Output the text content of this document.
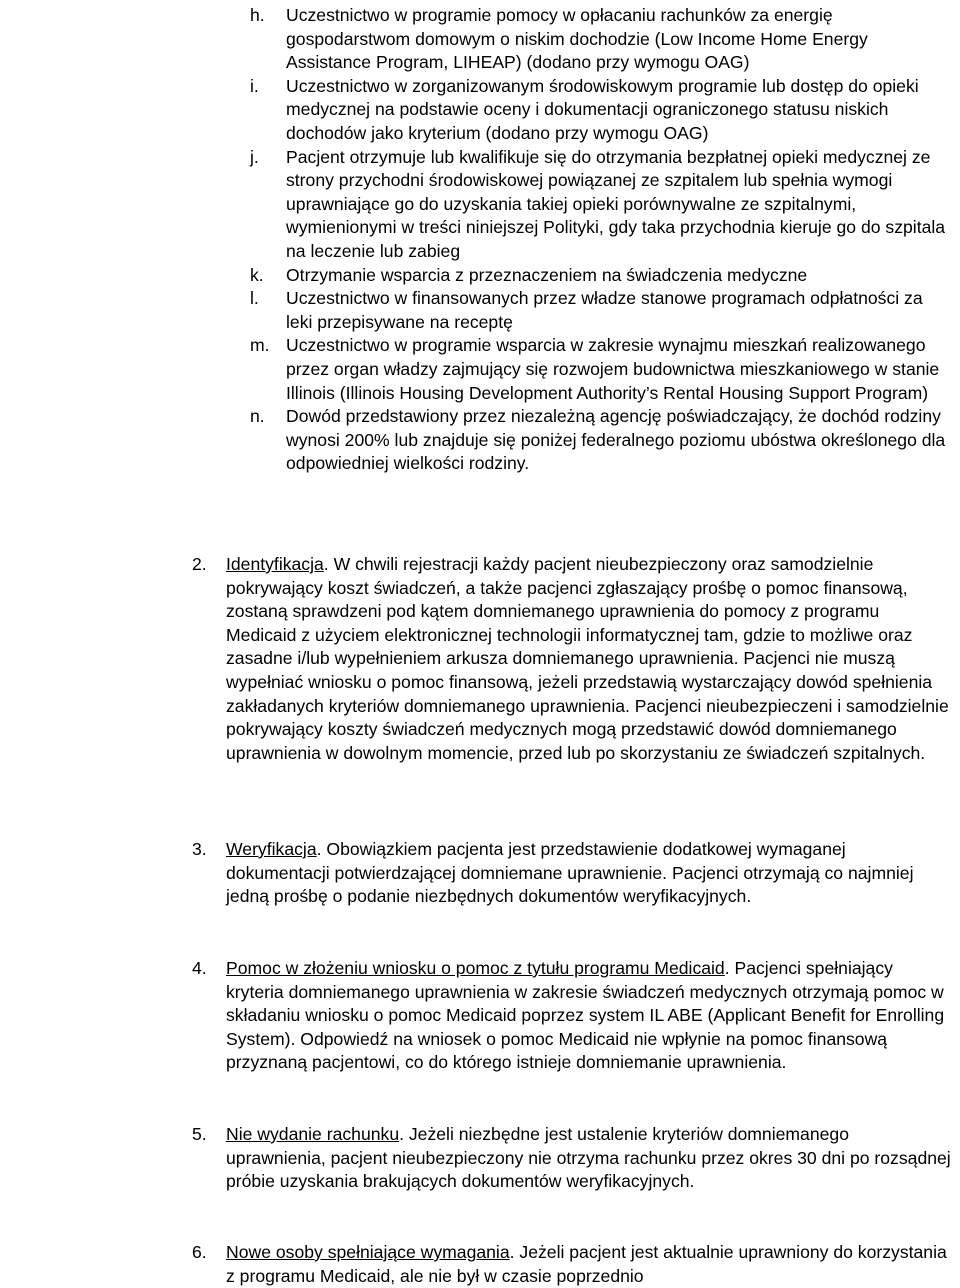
h. Uczestnictwo w programie pomocy w opłacaniu rachunków za energię gospodarstwom domowym o niskim dochodzie (Low Income Home Energy Assistance Program, LIHEAP) (dodano przy wymogu OAG)
i. Uczestnictwo w zorganizowanym środowiskowym programie lub dostęp do opieki medycznej na podstawie oceny i dokumentacji ograniczonego statusu niskich dochodów jako kryterium (dodano przy wymogu OAG)
j. Pacjent otrzymuje lub kwalifikuje się do otrzymania bezpłatnej opieki medycznej ze strony przychodni środowiskowej powiązanej ze szpitalem lub spełnia wymogi uprawniające go do uzyskania takiej opieki porównywalne ze szpitalnymi, wymienionymi w treści niniejszej Polityki, gdy taka przychodnia kieruje go do szpitala na leczenie lub zabieg
k. Otrzymanie wsparcia z przeznaczeniem na świadczenia medyczne
l. Uczestnictwo w finansowanych przez władze stanowe programach odpłatności za leki przepisywane na receptę
m. Uczestnictwo w programie wsparcia w zakresie wynajmu mieszkań realizowanego przez organ władzy zajmujący się rozwojem budownictwa mieszkaniowego w stanie Illinois (Illinois Housing Development Authority’s Rental Housing Support Program)
n. Dowód przedstawiony przez niezależną agencję poświadczający, że dochód rodziny wynosi 200% lub znajduje się poniżej federalnego poziomu ubóstwa określonego dla odpowiedniej wielkości rodziny.
2.	Identyfikacja. W chwili rejestracji każdy pacjent nieubezpieczony oraz samodzielnie pokrywający koszt świadczeń, a także pacjenci zgłaszający prośbę o pomoc finansową, zostaną sprawdzeni pod kątem domniemanego uprawnienia do pomocy z programu Medicaid z użyciem elektronicznej technologii informatycznej tam, gdzie to możliwe oraz zasadne i/lub wypełnieniem arkusza domniemanego uprawnienia. Pacjenci nie muszą wypełniać wniosku o pomoc finansową, jeżeli przedstawią wystarczający dowód spełnienia zakładanych kryteriów domniemanego uprawnienia. Pacjenci nieubezpieczeni i samodzielnie pokrywający koszty świadczeń medycznych mogą przedstawić dowód domniemanego uprawnienia w dowolnym momencie, przed lub po skorzystaniu ze świadczeń szpitalnych.
3.	Weryfikacja. Obowiązkiem pacjenta jest przedstawienie dodatkowej wymaganej dokumentacji potwierdzającej domniemane uprawnienie. Pacjenci otrzymają co najmniej jedną prośbę o podanie niezbędnych dokumentów weryfikacyjnych.
4.	Pomoc w złożeniu wniosku o pomoc z tytułu programu Medicaid. Pacjenci spełniający kryteria domniemanego uprawnienia w zakresie świadczeń medycznych otrzymają pomoc w składaniu wniosku o pomoc Medicaid poprzez system IL ABE (Applicant Benefit for Enrolling System). Odpowiedź na wniosek o pomoc Medicaid nie wpłynie na pomoc finansową przyznaną pacjentowi, co do którego istnieje domniemanie uprawnienia.
5.	Nie wydanie rachunku. Jeżeli niezbędne jest ustalenie kryteriów domniemanego uprawnienia, pacjent nieubezpieczony nie otrzyma rachunku przez okres 30 dni po rozsądnej próbie uzyskania brakujących dokumentów weryfikacyjnych.
6.	Nowe osoby spełniające wymagania. Jeżeli pacjent jest aktualnie uprawniony do korzystania z programu Medicaid, ale nie był w czasie poprzednio
